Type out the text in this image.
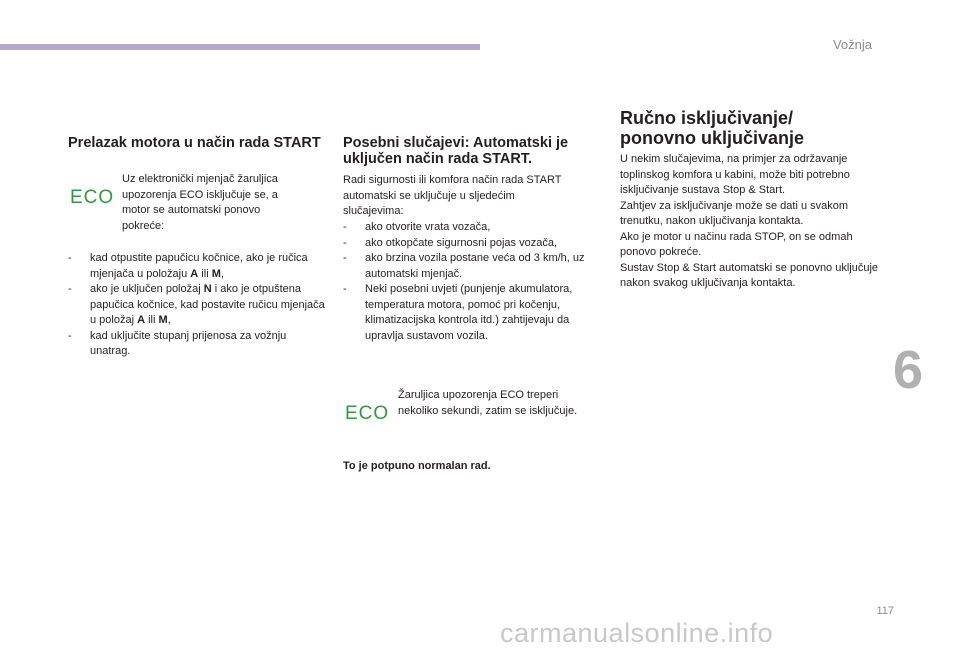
Vožnja
Prelazak motora u način rada START
ECO
Uz elektronički mjenjač žaruljica upozorenja ECO isključuje se, a motor se automatski ponovo pokreće:
- kad otpustite papučicu kočnice, ako je ručica mjenjača u položaju A ili M,
- ako je uključen položaj N i ako je otpuštena papučica kočnice, kad postavite ručicu mjenjača u položaj A ili M,
- kad uključite stupanj prijenosa za vožnju unatrag.
Posebni slučajevi: Automatski je uključen način rada START.
Radi sigurnosti ili komfora način rada START automatski se uključuje u sljedećim slučajevima:
- ako otvorite vrata vozača,
- ako otkopčate sigurnosni pojas vozača,
- ako brzina vozila postane veća od 3 km/h, uz automatski mjenjač.
- Neki posebni uvjeti (punjenje akumulatora, temperatura motora, pomoć pri kočenju, klimatizacijska kontrola itd.) zahtijevaju da upravlja sustavom vozila.
ECO
Žaruljica upozorenja ECO treperi nekoliko sekundi, zatim se isključuje.
To je potpuno normalan rad.
Ručno isključivanje/ ponovno uključivanje
U nekim slučajevima, na primjer za održavanje toplinskog komfora u kabini, može biti potrebno isključivanje sustava Stop & Start.
Zahtjev za isključivanje može se dati u svakom trenutku, nakon uključivanja kontakta.
Ako je motor u načinu rada STOP, on se odmah ponovo pokreće.
Sustav Stop & Start automatski se ponovno uključuje nakon svakog uključivanja kontakta.
6
117
carmanualsonline.info
